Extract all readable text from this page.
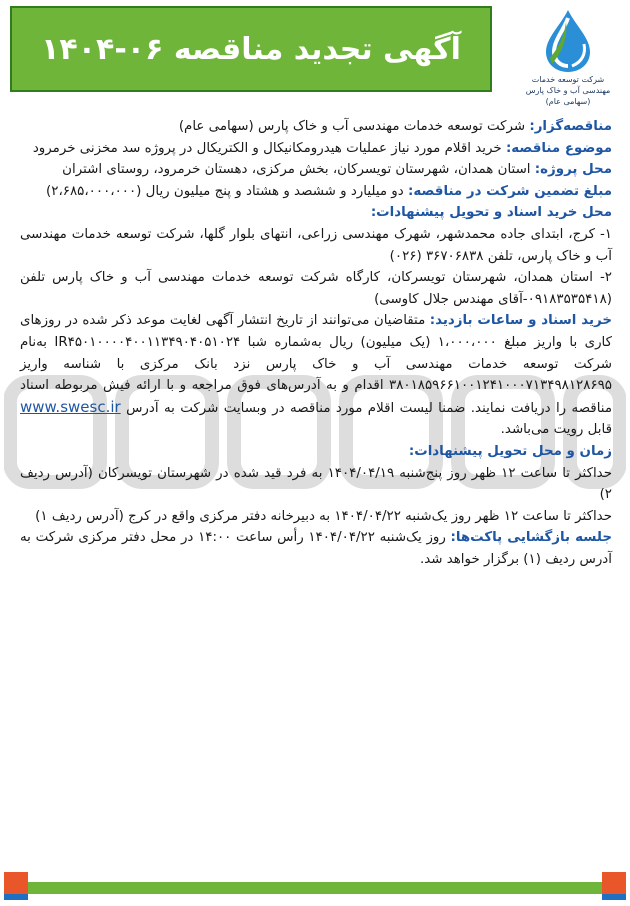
آگهی تجدید مناقصه ۰۶-۱۴۰۴
شرکت توسعه خدمات مهندسی آب و خاک پارس (سهامی عام)

مناقصه‌گزار: شرکت توسعه خدمات مهندسی آب و خاک پارس (سهامی عام)

موضوع مناقصه: خرید اقلام مورد نیاز عملیات هیدرومکانیکال و الکتریکال در پروژه سد مخزنی خرمرود

محل پروژه: استان همدان، شهرستان تویسرکان، بخش مرکزی، دهستان خرمرود، روستای اشتران

مبلغ تضمین شرکت در مناقصه: دو میلیارد و ششصد و هشتاد و پنج میلیون ریال (۲،۶۸۵،۰۰۰،۰۰۰)

محل خرید اسناد و تحویل پیشنهادات:

۱- کرج، ابتدای جاده محمدشهر، شهرک مهندسی زراعی، انتهای بلوار گلها، شرکت توسعه خدمات مهندسی آب و خاک پارس، تلفن ۳۶۷۰۶۸۳۸ (۰۲۶)

۲- استان همدان، شهرستان تویسرکان، کارگاه شرکت توسعه خدمات مهندسی آب و خاک پارس تلفن (۰۹۱۸۳۵۳۵۴۱۸-آقای مهندس جلال کاوسی)

خرید اسناد و ساعات بازدید: متقاضیان می‌توانند از تاریخ انتشار آگهی لغایت موعد ذکر شده در روزهای کاری با واریز مبلغ ۱،۰۰۰،۰۰۰ (یک میلیون) ریال به‌شماره شبا IR۴۵۰۱۰۰۰۰۴۰۰۱۱۳۴۹۰۴۰۵۱۰۲۴ به‌نام شرکت توسعه خدمات مهندسی آب و خاک پارس نزد بانک مرکزی با شناسه واریز ۳۸۰۱۸۵۹۶۶۱۰۰۱۲۴۱۰۰۰۷۱۳۴۹۸۱۲۸۶۹۵ اقدام و به آدرس‌های فوق مراجعه و با ارائه فیش مربوطه اسناد مناقصه را دریافت نمایند. ضمنا لیست اقلام مورد مناقصه در وبسایت شرکت به آدرس www.swesc.ir قابل رویت می‌باشد.

زمان و محل تحویل پیشنهادات:

حداکثر تا ساعت ۱۲ ظهر روز پنج‌شنبه ۱۴۰۴/۰۴/۱۹ به فرد قید شده در شهرستان تویسرکان (آدرس ردیف ۲)

حداکثر تا ساعت ۱۲ ظهر روز یک‌شنبه ۱۴۰۴/۰۴/۲۲ به دبیرخانه دفتر مرکزی واقع در کرج (آدرس ردیف ۱)

جلسه بازگشایی پاکت‌ها: روز یک‌شنبه ۱۴۰۴/۰۴/۲۲ رأس ساعت ۱۴:۰۰ در محل دفتر مرکزی شرکت به آدرس ردیف (۱) برگزار خواهد شد.
